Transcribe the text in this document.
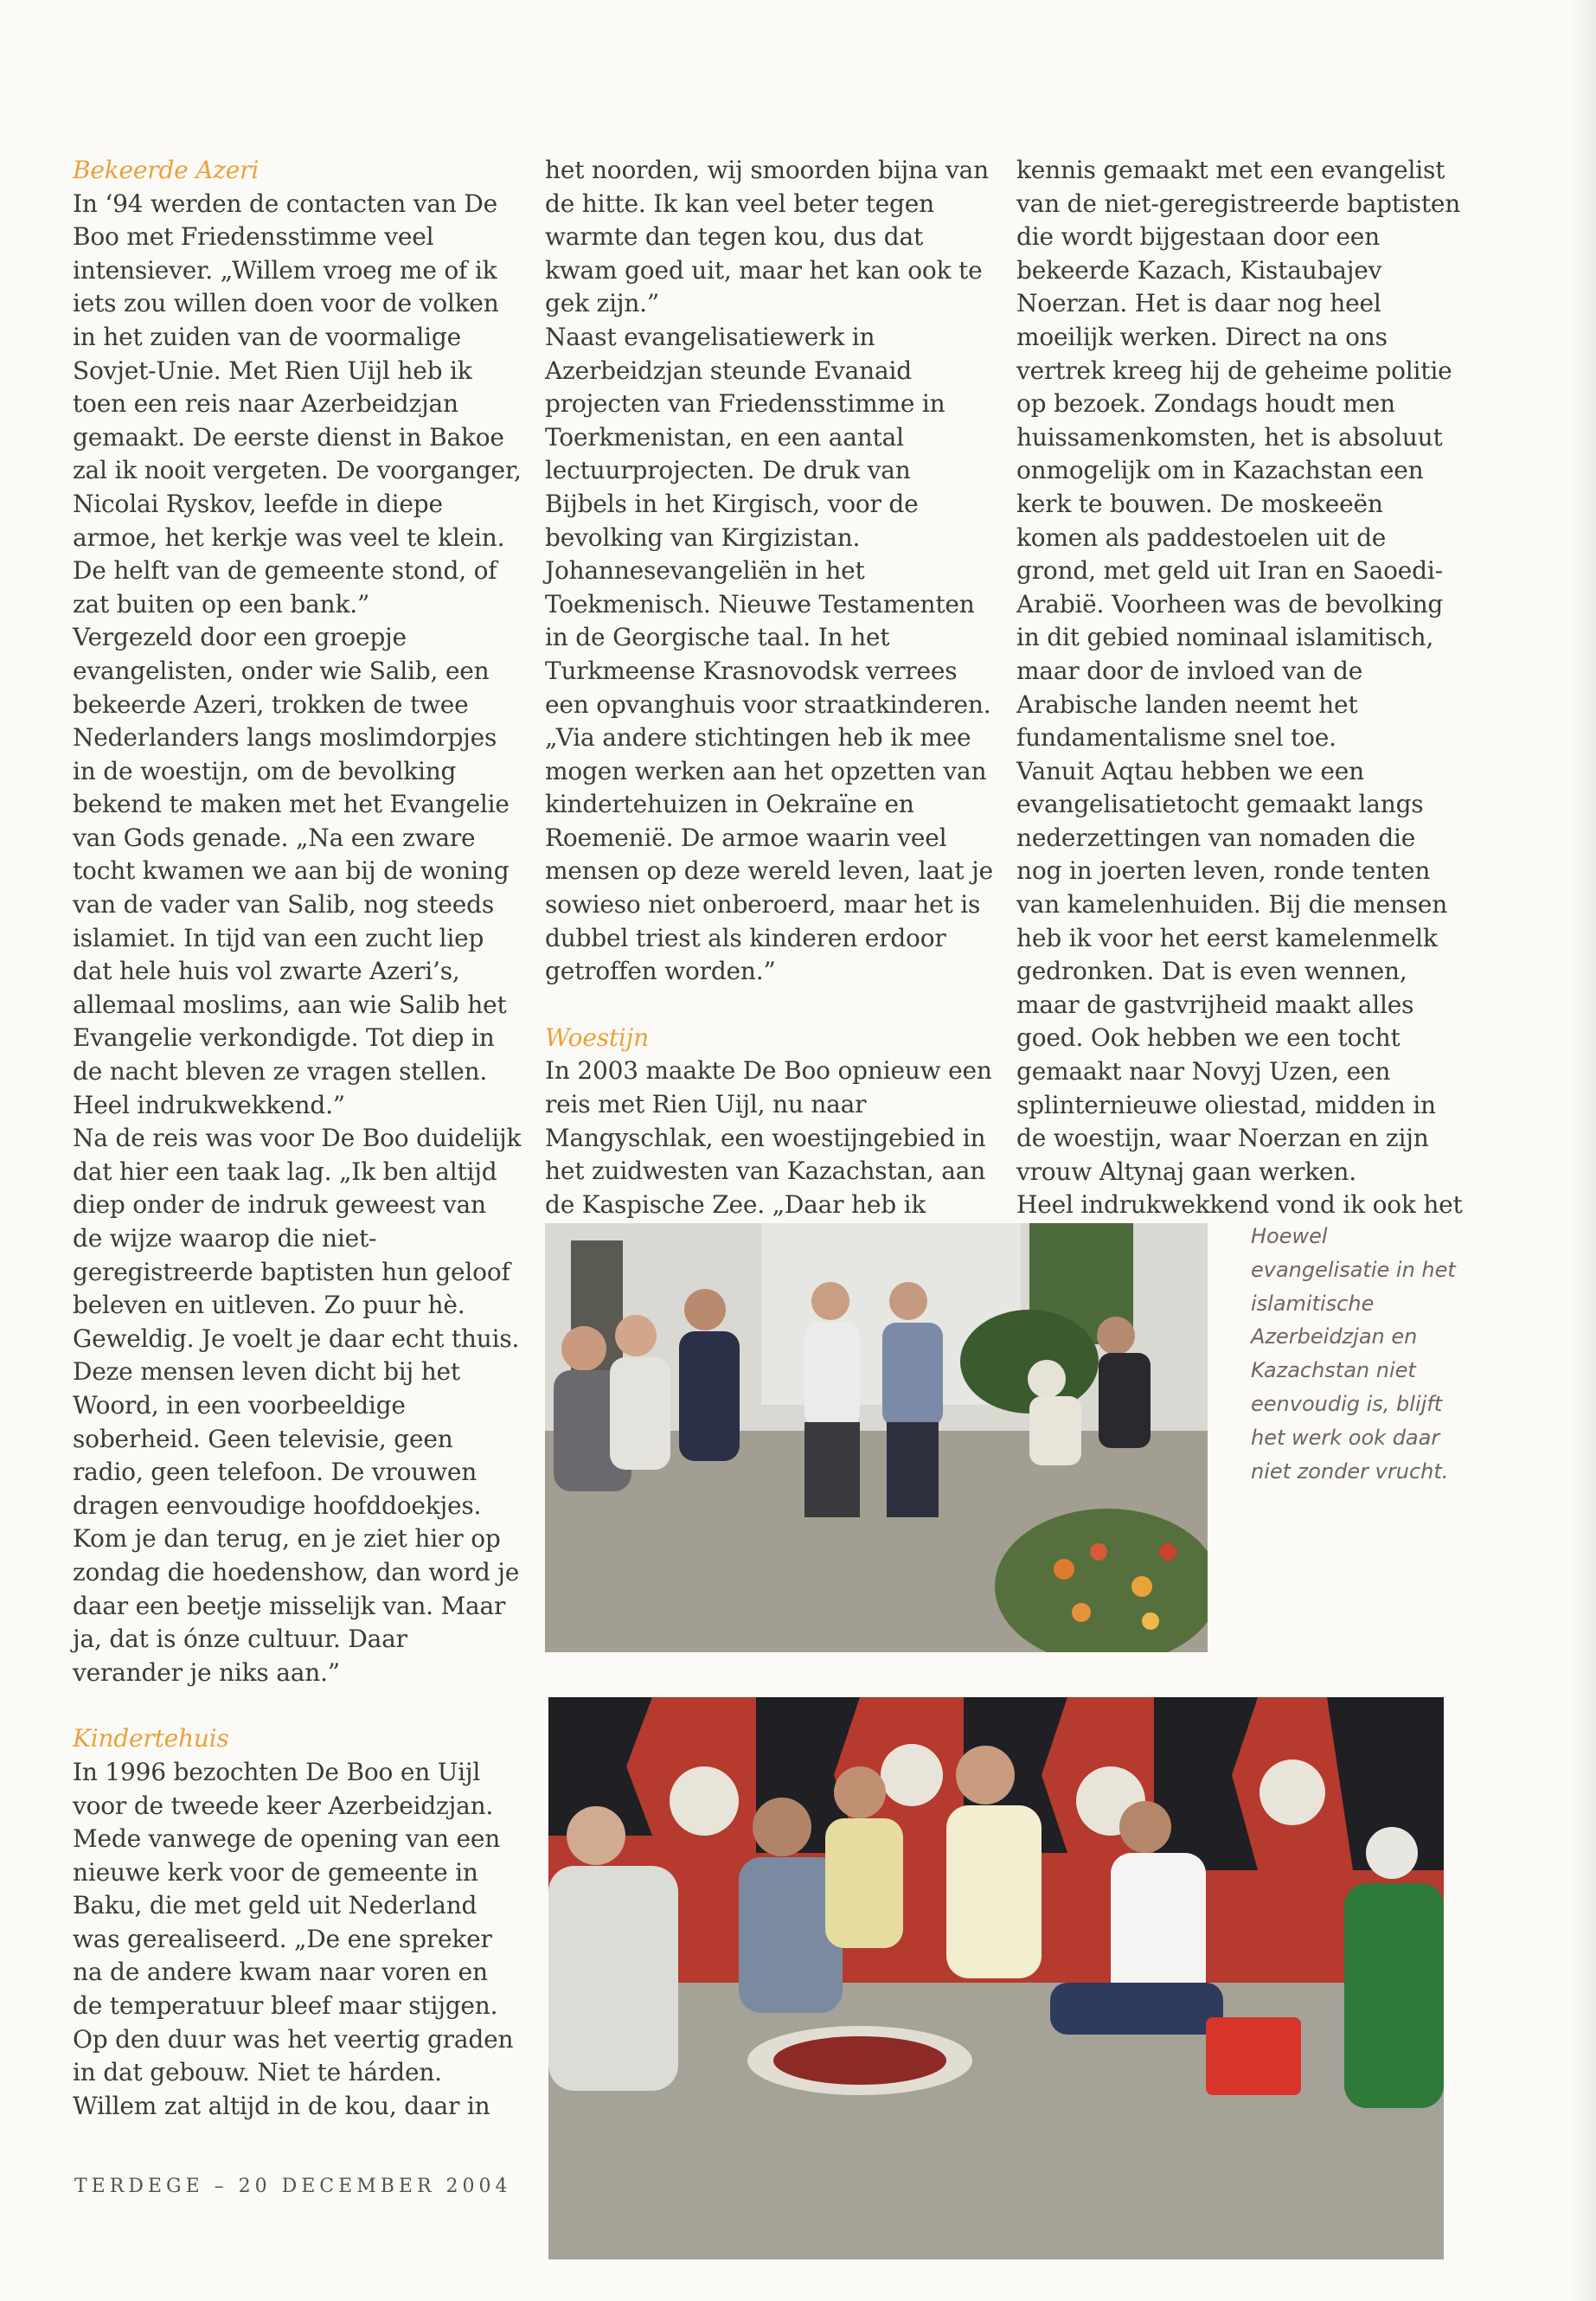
Bekeerde Azeri

In ‘94 werden de contacten van De Boo met Friedensstimme veel intensiever. „Willem vroeg me of ik iets zou willen doen voor de volken in het zuiden van de voormalige Sovjet-Unie. Met Rien Uijl heb ik toen een reis naar Azerbeidzjan gemaakt. De eerste dienst in Bakoe zal ik nooit vergeten. De voorganger, Nicolai Ryskov, leefde in diepe armoe, het kerkje was veel te klein. De helft van de gemeente stond, of zat buiten op een bank.”

Vergezeld door een groepje evangelisten, onder wie Salib, een bekeerde Azeri, trokken de twee Nederlanders langs moslimdorpjes in de woestijn, om de bevolking bekend te maken met het Evangelie van Gods genade. „Na een zware tocht kwamen we aan bij de woning van de vader van Salib, nog steeds islamiet. In tijd van een zucht liep dat hele huis vol zwarte Azeri’s, allemaal moslims, aan wie Salib het Evangelie verkondigde. Tot diep in de nacht bleven ze vragen stellen. Heel indrukwekkend.”

Na de reis was voor De Boo duidelijk dat hier een taak lag. „Ik ben altijd diep onder de indruk geweest van de wijze waarop die niet-geregistreerde baptisten hun geloof beleven en uitleven. Zo puur hè. Geweldig. Je voelt je daar echt thuis. Deze mensen leven dicht bij het Woord, in een voorbeeldige soberheid. Geen televisie, geen radio, geen telefoon. De vrouwen dragen eenvoudige hoofddoekjes. Kom je dan terug, en je ziet hier op zondag die hoedenshow, dan word je daar een beetje misselijk van. Maar ja, dat is ónze cultuur. Daar verander je niks aan.”

Kindertehuis

In 1996 bezochten De Boo en Uijl voor de tweede keer Azerbeidzjan. Mede vanwege de opening van een nieuwe kerk voor de gemeente in Baku, die met geld uit Nederland was gerealiseerd. „De ene spreker na de andere kwam naar voren en de temperatuur bleef maar stijgen. Op den duur was het veertig graden in dat gebouw. Niet te hárden. Willem zat altijd in de kou, daar in

het noorden, wij smoorden bijna van de hitte. Ik kan veel beter tegen warmte dan tegen kou, dus dat kwam goed uit, maar het kan ook te gek zijn.”

Naast evangelisatiewerk in Azerbeidzjan steunde Evanaid projecten van Friedensstimme in Toerkmenistan, en een aantal lectuurprojecten. De druk van Bijbels in het Kirgisch, voor de bevolking van Kirgizistan. Johannesevangeliën in het Toekmenisch. Nieuwe Testamenten in de Georgische taal. In het Turkmeense Krasnovodsk verrees een opvanghuis voor straatkinderen.

„Via andere stichtingen heb ik mee mogen werken aan het opzetten van kindertehuizen in Oekraïne en Roemenië. De armoe waarin veel mensen op deze wereld leven, laat je sowieso niet onberoerd, maar het is dubbel triest als kinderen erdoor getroffen worden.”

Woestijn

In 2003 maakte De Boo opnieuw een reis met Rien Uijl, nu naar Mangyschlak, een woestijngebied in het zuidwesten van Kazachstan, aan de Kaspische Zee. „Daar heb ik

kennis gemaakt met een evangelist van de niet-geregistreerde baptisten die wordt bijgestaan door een bekeerde Kazach, Kistaubajev Noerzan. Het is daar nog heel moeilijk werken. Direct na ons vertrek kreeg hij de geheime politie op bezoek. Zondags houdt men huissamenkomsten, het is absoluut onmogelijk om in Kazachstan een kerk te bouwen. De moskeeën komen als paddestoelen uit de grond, met geld uit Iran en Saoedi-Arabië. Voorheen was de bevolking in dit gebied nominaal islamitisch, maar door de invloed van de Arabische landen neemt het fundamentalisme snel toe.

Vanuit Aqtau hebben we een evangelisatietocht gemaakt langs nederzettingen van nomaden die nog in joerten leven, ronde tenten van kamelenhuiden. Bij die mensen heb ik voor het eerst kamelenmelk gedronken. Dat is even wennen, maar de gastvrijheid maakt alles goed. Ook hebben we een tocht gemaakt naar Novyj Uzen, een splinternieuwe oliestad, midden in de woestijn, waar Noerzan en zijn vrouw Altynaj gaan werken.

Heel indrukwekkend vond ik ook het

Hoewel evangelisatie in het islamitische Azerbeidzjan en Kazachstan niet eenvoudig is, blijft het werk ook daar niet zonder vrucht.
TERDEGE – 20 DECEMBER 2004
